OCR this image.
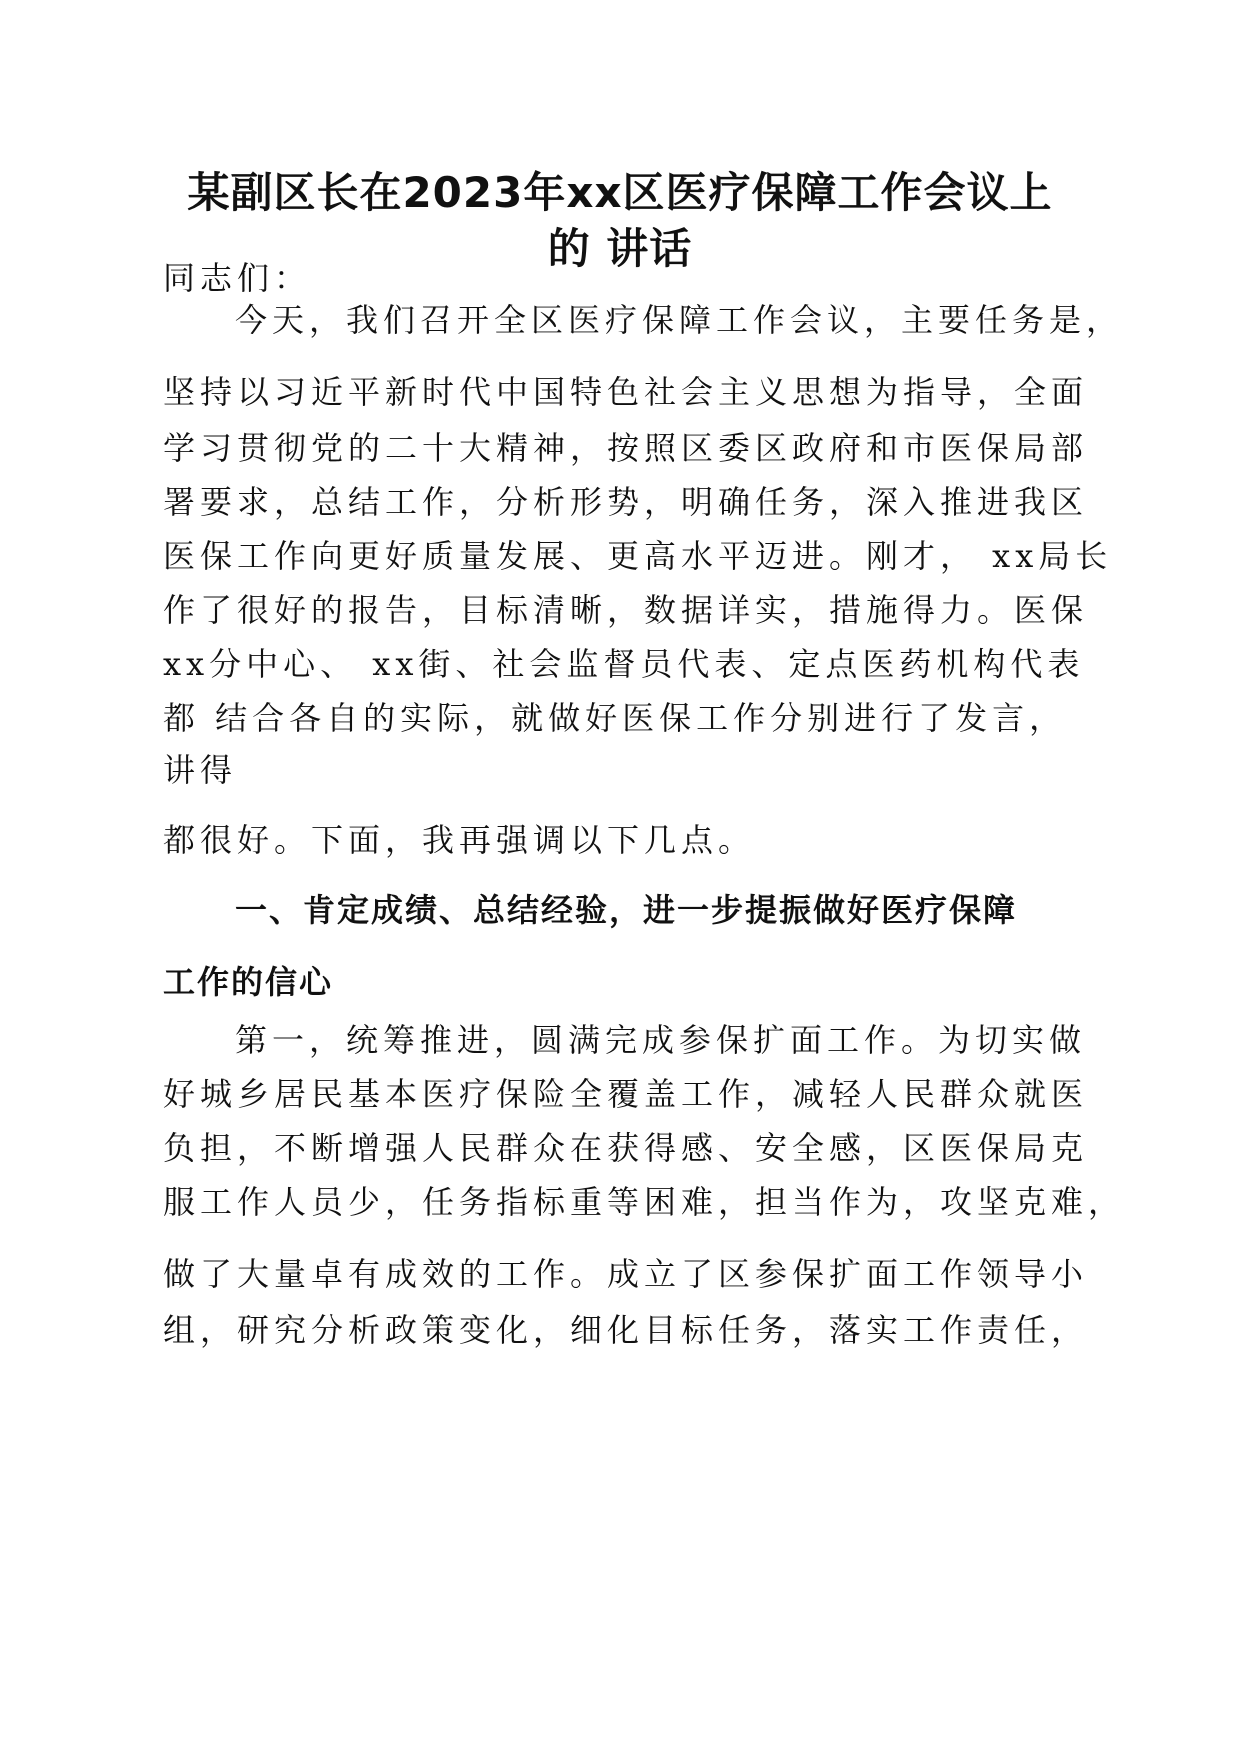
某副区长在2023年xx区医疗保障工作会议上
的 讲话
同志们：
今天，我们召开全区医疗保障工作会议，主要任务是，
坚持以习近平新时代中国特色社会主义思想为指导，全面
学习贯彻党的二十大精神，按照区委区政府和市医保局部
署要求，总结工作，分析形势，明确任务，深入推进我区
医保工作向更好质量发展、更高水平迈进。刚才， xx局长
作了很好的报告，目标清晰，数据详实，措施得力。医保
xx分中心、 xx街、社会监督员代表、定点医药机构代表
都 结合各自的实际，就做好医保工作分别进行了发言，
讲得
都很好。下面，我再强调以下几点。
一、肯定成绩、总结经验，进一步提振做好医疗保障
工作的信心
第一，统筹推进，圆满完成参保扩面工作。为切实做
好城乡居民基本医疗保险全覆盖工作，减轻人民群众就医
负担，不断增强人民群众在获得感、安全感，区医保局克
服工作人员少，任务指标重等困难，担当作为，攻坚克难，
做了大量卓有成效的工作。成立了区参保扩面工作领导小
组，研究分析政策变化，细化目标任务，落实工作责任，
